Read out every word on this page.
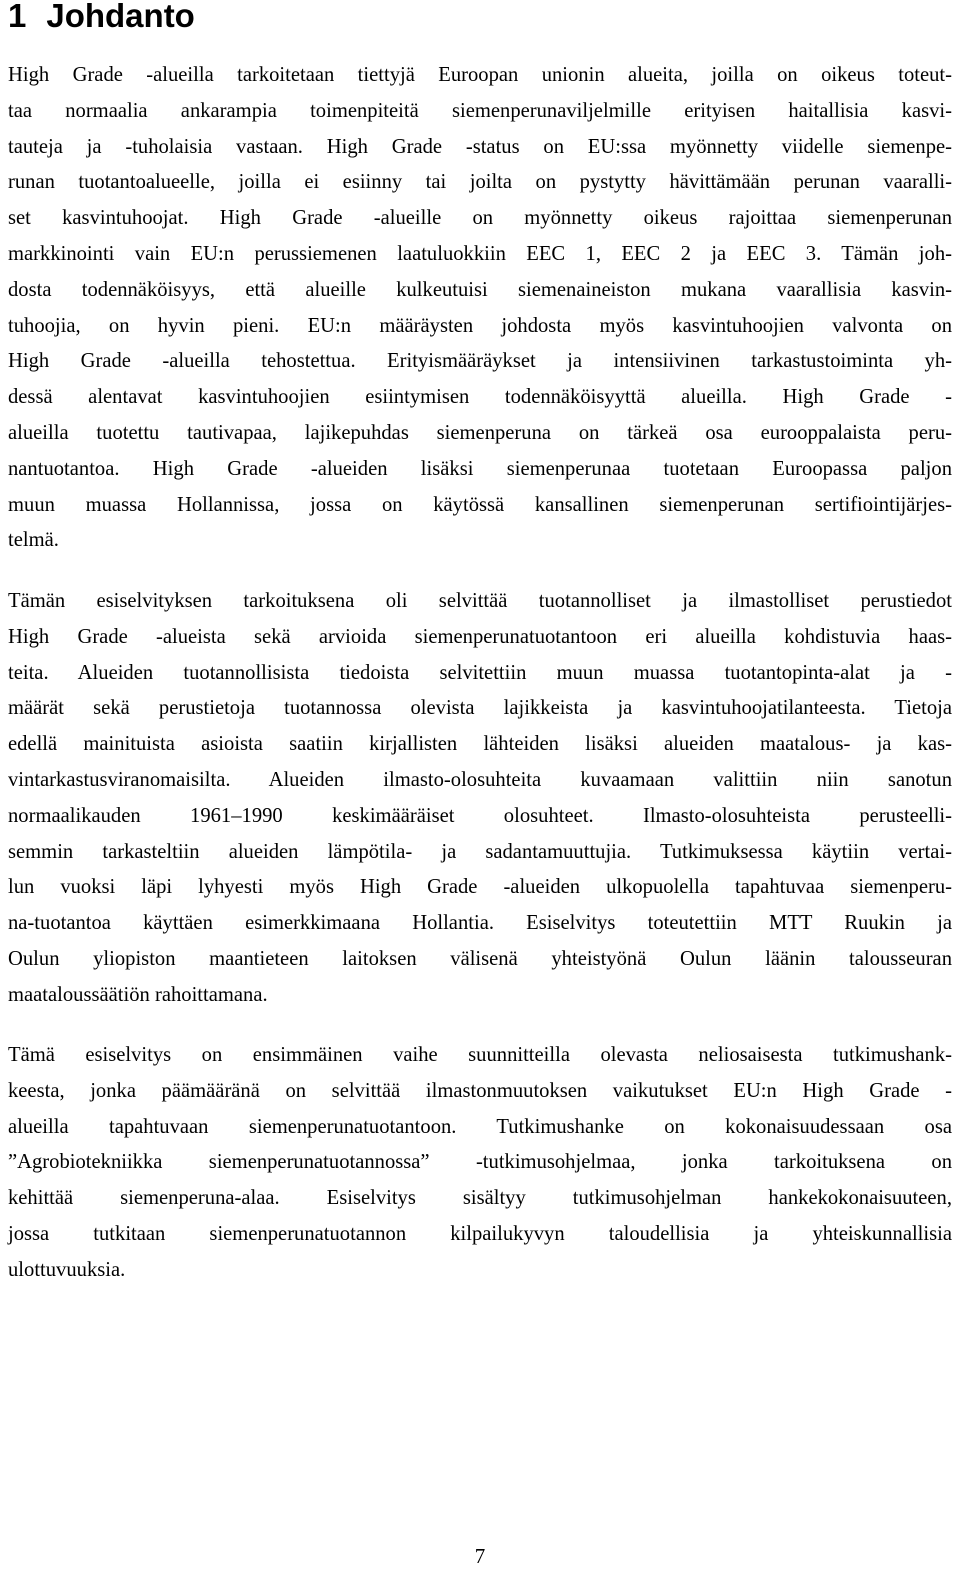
1 Johdanto
High Grade -alueilla tarkoitetaan tiettyjä Euroopan unionin alueita, joilla on oikeus toteut-
taa normaalia ankarampia toimenpiteitä siemenperunaviljelmille erityisen haitallisia kasvi-
tauteja ja -tuholaisia vastaan. High Grade -status on EU:ssa myönnetty viidelle siemenpe-
runan tuotantoalueelle, joilla ei esiinny tai joilta on pystytty hävittämään perunan vaaralli-
set kasvintuhoojat. High Grade -alueille on myönnetty oikeus rajoittaa siemenperunan
markkinointi vain EU:n perussiemenen laatuluokkiin EEC 1, EEC 2 ja EEC 3. Tämän joh-
dosta todennäköisyys, että alueille kulkeutuisi siemenaineiston mukana vaarallisia kasvin-
tuhoojia, on hyvin pieni. EU:n määräysten johdosta myös kasvintuhoojien valvonta on
High Grade -alueilla tehostettua. Erityismääräykset ja intensiivinen tarkastustoiminta yh-
dessä alentavat kasvintuhoojien esiintymisen todennäköisyyttä alueilla. High Grade -
alueilla tuotettu tautivapaa, lajikepuhdas siemenperuna on tärkeä osa eurooppalaista peru-
nantuotantoa. High Grade -alueiden lisäksi siemenperunaa tuotetaan Euroopassa paljon
muun muassa Hollannissa, jossa on käytössä kansallinen siemenperunan sertifiointijärjes-
telmä.
Tämän esiselvityksen tarkoituksena oli selvittää tuotannolliset ja ilmastolliset perustiedot
High Grade -alueista sekä arvioida siemenperunatuotantoon eri alueilla kohdistuvia haas-
teita. Alueiden tuotannollisista tiedoista selvitettiin muun muassa tuotantopinta-alat ja -
määrät sekä perustietoja tuotannossa olevista lajikkeista ja kasvintuhoojatilanteesta. Tietoja
edellä mainituista asioista saatiin kirjallisten lähteiden lisäksi alueiden maatalous- ja kas-
vintarkastusviranomaisilta. Alueiden ilmasto-olosuhteita kuvaamaan valittiin niin sanotun
normaalikauden 1961–1990 keskimääräiset olosuhteet. Ilmasto-olosuhteista perusteelli-
semmin tarkasteltiin alueiden lämpötila- ja sadantamuuttujia. Tutkimuksessa käytiin vertai-
lun vuoksi läpi lyhyesti myös High Grade -alueiden ulkopuolella tapahtuvaa siemenperu-
na-tuotantoa käyttäen esimerkkimaana Hollantia. Esiselvitys toteutettiin MTT Ruukin ja
Oulun yliopiston maantieteen laitoksen välisenä yhteistyönä Oulun läänin talousseuran
maataloussäätiön rahoittamana.
Tämä esiselvitys on ensimmäinen vaihe suunnitteilla olevasta neliosaisesta tutkimushank-
keesta, jonka päämääränä on selvittää ilmastonmuutoksen vaikutukset EU:n High Grade -
alueilla tapahtuvaan siemenperunatuotantoon. Tutkimushanke on kokonaisuudessaan osa
”Agrobiotekniikka siemenperunatuotannossa” -tutkimusohjelmaa, jonka tarkoituksena on
kehittää siemenperuna-alaa. Esiselvitys sisältyy tutkimusohjelman hankekokonaisuuteen,
jossa tutkitaan siemenperunatuotannon kilpailukyvyn taloudellisia ja yhteiskunnallisia
ulottuvuuksia.
7
